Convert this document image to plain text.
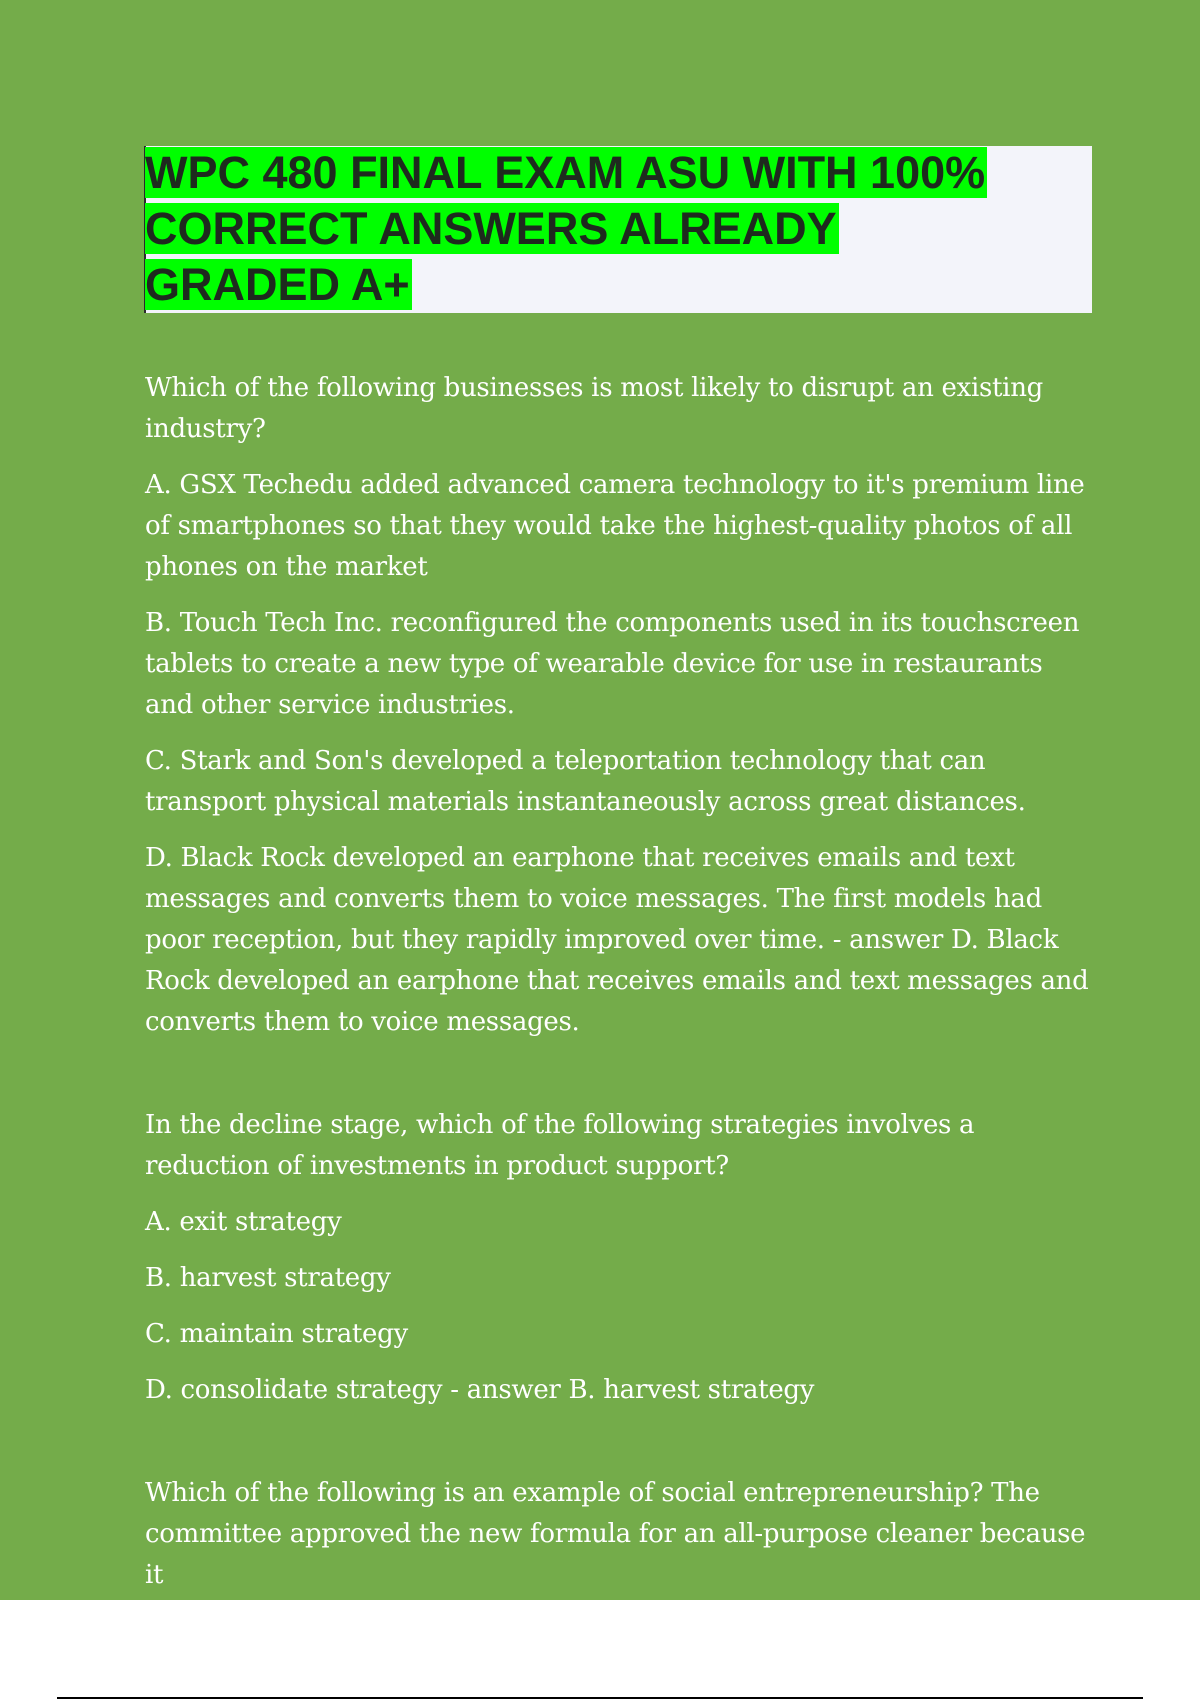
WPC 480 FINAL EXAM ASU WITH 100%
CORRECT ANSWERS ALREADY
GRADED A+

Which of the following businesses is most likely to disrupt an existing industry?

A. GSX Techedu added advanced camera technology to it's premium line of smartphones so that they would take the highest-quality photos of all phones on the market

B. Touch Tech Inc. reconfigured the components used in its touchscreen tablets to create a new type of wearable device for use in restaurants and other service industries.

C. Stark and Son's developed a teleportation technology that can transport physical materials instantaneously across great distances.

D. Black Rock developed an earphone that receives emails and text messages and converts them to voice messages. The first models had poor reception, but they rapidly improved over time. - answer D. Black Rock developed an earphone that receives emails and text messages and converts them to voice messages.

In the decline stage, which of the following strategies involves a reduction of investments in product support?

A. exit strategy

B. harvest strategy

C. maintain strategy

D. consolidate strategy - answer B. harvest strategy

Which of the following is an example of social entrepreneurship? The committee approved the new formula for an all-purpose cleaner because it
